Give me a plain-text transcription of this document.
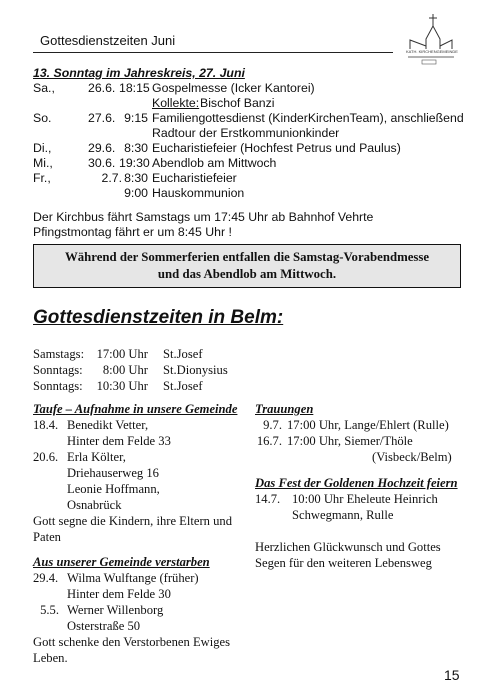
Gottesdienstzeiten Juni
KATH. KIRCHENGEMEINDE
13. Sonntag im Jahreskreis, 27. Juni
Sa.,	26.6. 18:15 Gospelmesse (Icker Kantorei)
Kollekte: Bischof Banzi
So.	27.6. 9:15 Familiengottesdienst (KinderKirchenTeam), anschließend
Radtour der Erstkommunionkinder
Di.,	29.6. 8:30 Eucharistiefeier (Hochfest Petrus und Paulus)
Mi.,	30.6. 19:30 Abendlob am Mittwoch
Fr.,	2.7. 8:30 Eucharistiefeier
9:00 Hauskommunion
Der Kirchbus fährt Samstags um 17:45 Uhr ab Bahnhof Vehrte
Pfingstmontag fährt er um 8:45 Uhr !
Während der Sommerferien entfallen die Samstag-Vorabendmesse
und das Abendlob am Mittwoch.
Gottesdienstzeiten in Belm:
Samstags: 17:00 Uhr St.Josef
Sonntags:	8:00 Uhr St.Dionysius
Sonntags:	10:30 Uhr St.Josef
Taufe – Aufnahme in unsere Gemeinde
18.4. Benedikt Vetter,
Hinter dem Felde 33
20.6. Erla Költer,
Driehauserweg 16
Leonie Hoffmann,
Osnabrück
Gott segne die Kindern, ihre Eltern und
Paten
Aus unserer Gemeinde verstarben
29.4. Wilma Wulftange (früher)
Hinter dem Felde 30
5.5. Werner Willenborg
Osterstraße 50
Gott schenke den Verstorbenen Ewiges
Leben.
Trauungen
9.7. 17:00 Uhr, Lange/Ehlert (Rulle)
16.7. 17:00 Uhr, Siemer/Thöle
(Visbeck/Belm)
Das Fest der Goldenen Hochzeit feiern
14.7. 10:00 Uhr Eheleute Heinrich
Schwegmann, Rulle
Herzlichen Glückwunsch und Gottes
Segen für den weiteren Lebensweg
15
